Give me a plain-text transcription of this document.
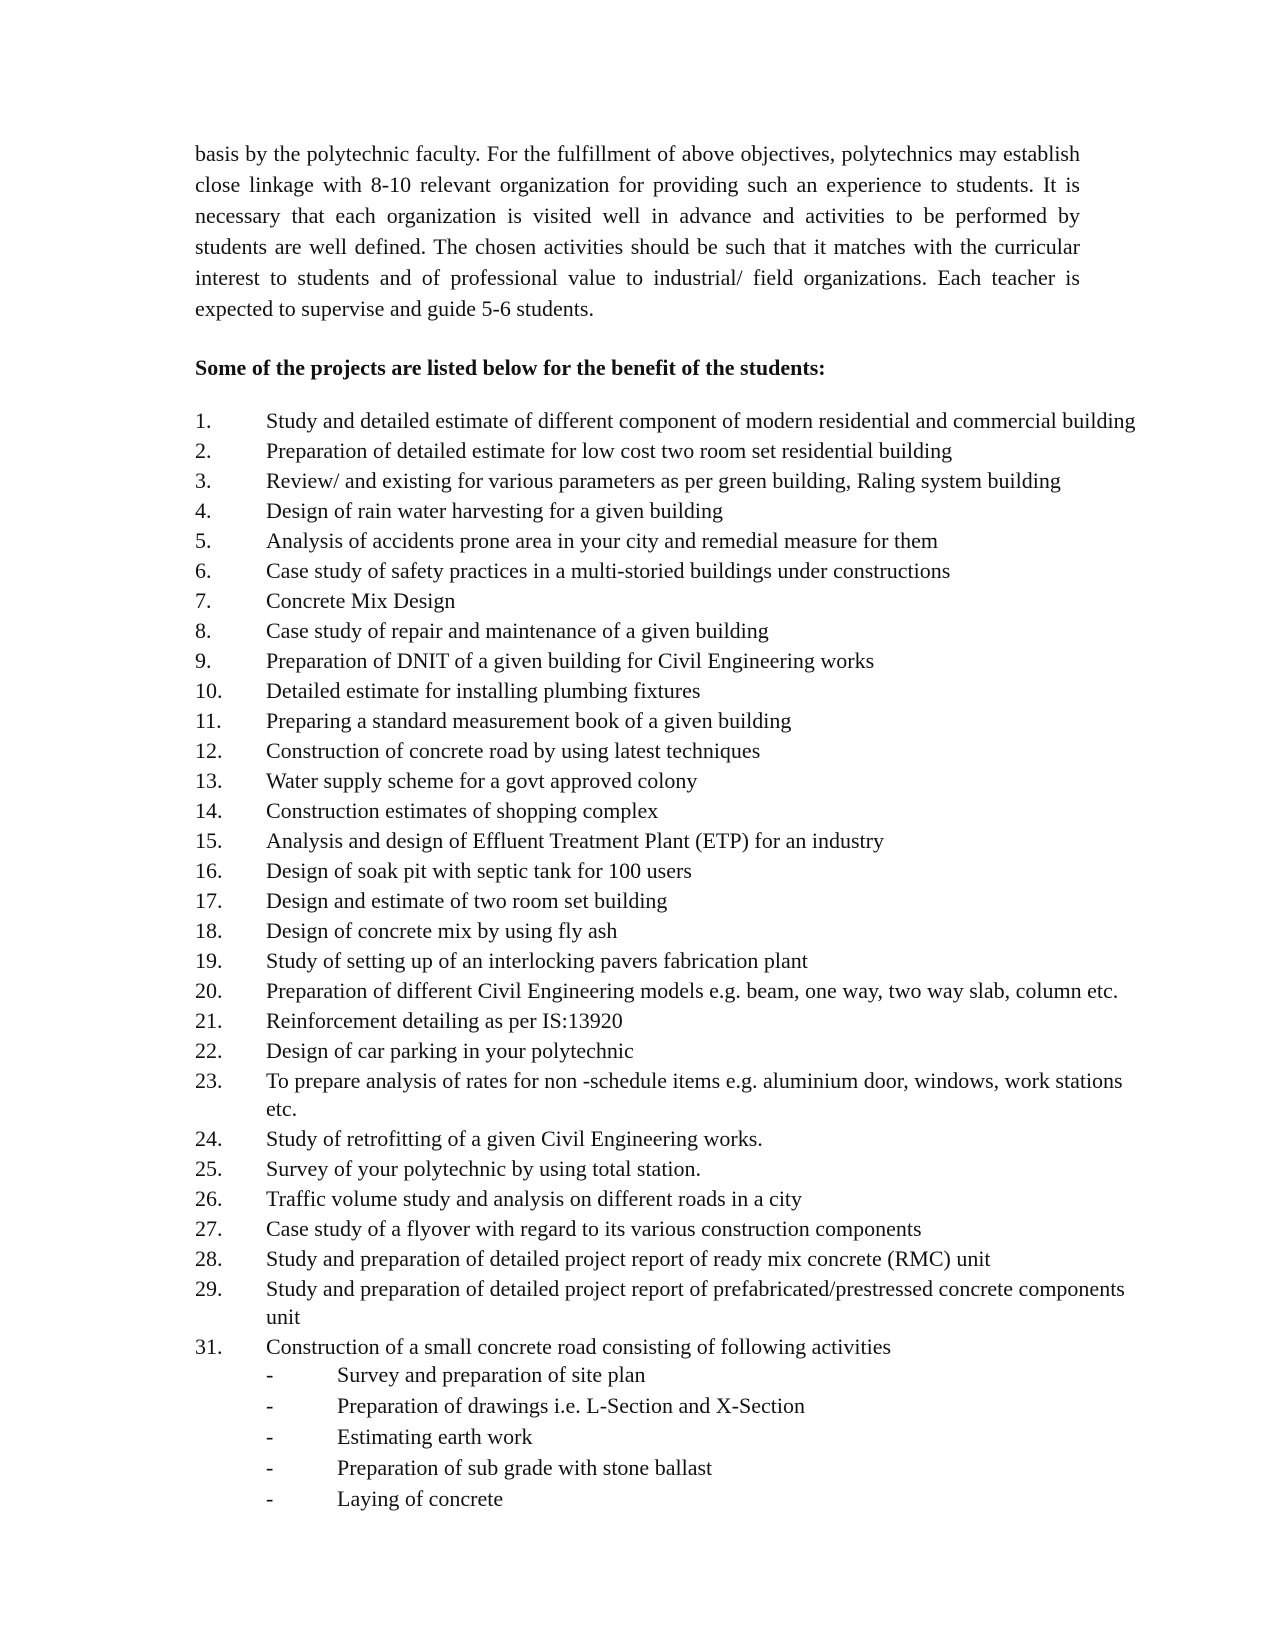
basis by the polytechnic faculty. For the fulfillment of above objectives, polytechnics may establish close linkage with 8-10 relevant organization for providing such an experience to students. It is necessary that each organization is visited well in advance and activities to be performed by students are well defined. The chosen activities should be such that it matches with the curricular interest to students and of professional value to industrial/ field organizations. Each teacher is expected to supervise and guide 5-6 students.

Some of the projects are listed below for the benefit of the students:

1.	Study and detailed estimate of different component of modern residential and commercial building
2.	Preparation of detailed estimate for low cost two room set residential building
3.	Review/ and existing for various parameters as per green building, Raling system building
4.	Design of rain water harvesting for a given building
5.	Analysis of accidents prone area in your city and remedial measure for them
6.	Case study of safety practices in a multi-storied buildings under constructions
7.	Concrete Mix Design
8.	Case study of repair and maintenance of a given building
9.	Preparation of DNIT of a given building for Civil Engineering works
10.	Detailed estimate for installing plumbing fixtures
11.	Preparing a standard measurement book of a given building
12.	Construction of concrete road by using latest techniques
13.	Water supply scheme for a govt approved colony
14.	Construction estimates of shopping complex
15.	Analysis and design of Effluent Treatment Plant (ETP) for an industry
16.	Design of soak pit with septic tank for 100 users
17.	Design and estimate of two room set building
18.	Design of concrete mix by using fly ash
19.	Study of setting up of an interlocking pavers fabrication plant
20.	Preparation of different Civil Engineering models e.g. beam, one way, two way slab, column etc.
21.	Reinforcement detailing as per IS:13920
22.	Design of car parking in your polytechnic
23.	To prepare analysis of rates for non -schedule items e.g. aluminium door, windows, work stations etc.
24.	Study of retrofitting of a given Civil Engineering works.
25.	Survey of your polytechnic by using total station.
26.	Traffic volume study and analysis on different roads in a city
27.	Case study of a flyover with regard to its various construction components
28.	Study and preparation of detailed project report of ready mix concrete (RMC) unit
29.	Study and preparation of detailed project report of prefabricated/prestressed concrete components unit
31.	Construction of a small concrete road consisting of following activities
-	Survey and preparation of site plan
-	Preparation of drawings i.e. L-Section and X-Section
-	Estimating earth work
-	Preparation of sub grade with stone ballast
-	Laying of concrete
